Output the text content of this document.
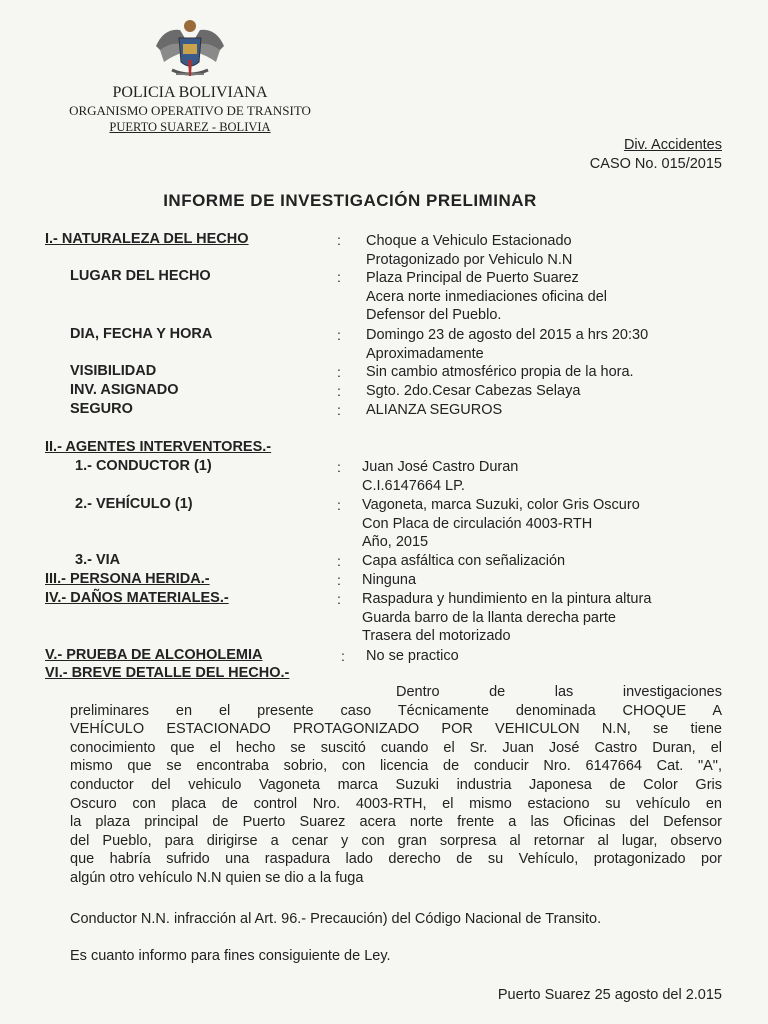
POLICIA BOLIVIANA
ORGANISMO OPERATIVO DE TRANSITO
PUERTO SUAREZ - BOLIVIA
Div. Accidentes
CASO No. 015/2015
INFORME DE INVESTIGACIÓN PRELIMINAR
I.- NATURALEZA DEL HECHO	: Choque a Vehiculo Estacionado
Protagonizado por Vehiculo N.N
LUGAR DEL HECHO	: Plaza Principal de Puerto Suarez
Acera norte inmediaciones oficina del
Defensor del Pueblo.
DIA, FECHA Y HORA	: Domingo 23 de agosto del 2015 a hrs 20:30
Aproximadamente
VISIBILIDAD	: Sin cambio atmosférico propia de la hora.
INV. ASIGNADO	: Sgto. 2do.Cesar Cabezas Selaya
SEGURO	: ALIANZA SEGUROS
II.- AGENTES INTERVENTORES.-
1.- CONDUCTOR (1)	: Juan José Castro Duran
C.I.6147664 LP.
2.- VEHÍCULO (1)	: Vagoneta, marca Suzuki, color Gris Oscuro
Con Placa de circulación 4003-RTH
Año, 2015
3.- VIA	: Capa asfáltica con señalización
III.- PERSONA HERIDA.-	: Ninguna
IV.- DAÑOS MATERIALES.-	: Raspadura y hundimiento en la pintura altura
Guarda barro de la llanta derecha parte
Trasera del motorizado
V.- PRUEBA DE ALCOHOLEMIA	: No se practico
VI.- BREVE DETALLE DEL HECHO.-
Dentro de las investigaciones
preliminares en el presente caso Técnicamente denominada CHOQUE A
VEHÍCULO ESTACIONADO PROTAGONIZADO POR VEHICULON N.N, se tiene
conocimiento que el hecho se suscitó cuando el Sr. Juan José Castro Duran, el
mismo que se encontraba sobrio, con licencia de conducir Nro. 6147664 Cat. "A",
conductor del vehiculo Vagoneta marca Suzuki industria Japonesa de Color Gris
Oscuro con placa de control Nro. 4003-RTH, el mismo estaciono su vehículo en
la plaza principal de Puerto Suarez acera norte frente a las Oficinas del Defensor
del Pueblo, para dirigirse a cenar y con gran sorpresa al retornar al lugar, observo
que habría sufrido una raspadura lado derecho de su Vehículo, protagonizado por
algún otro vehículo N.N quien se dio a la fuga
Conductor N.N. infracción al Art. 96.- Precaución) del Código Nacional de Transito.
Es cuanto informo para fines consiguiente de Ley.
Puerto Suarez 25 agosto del 2.015
